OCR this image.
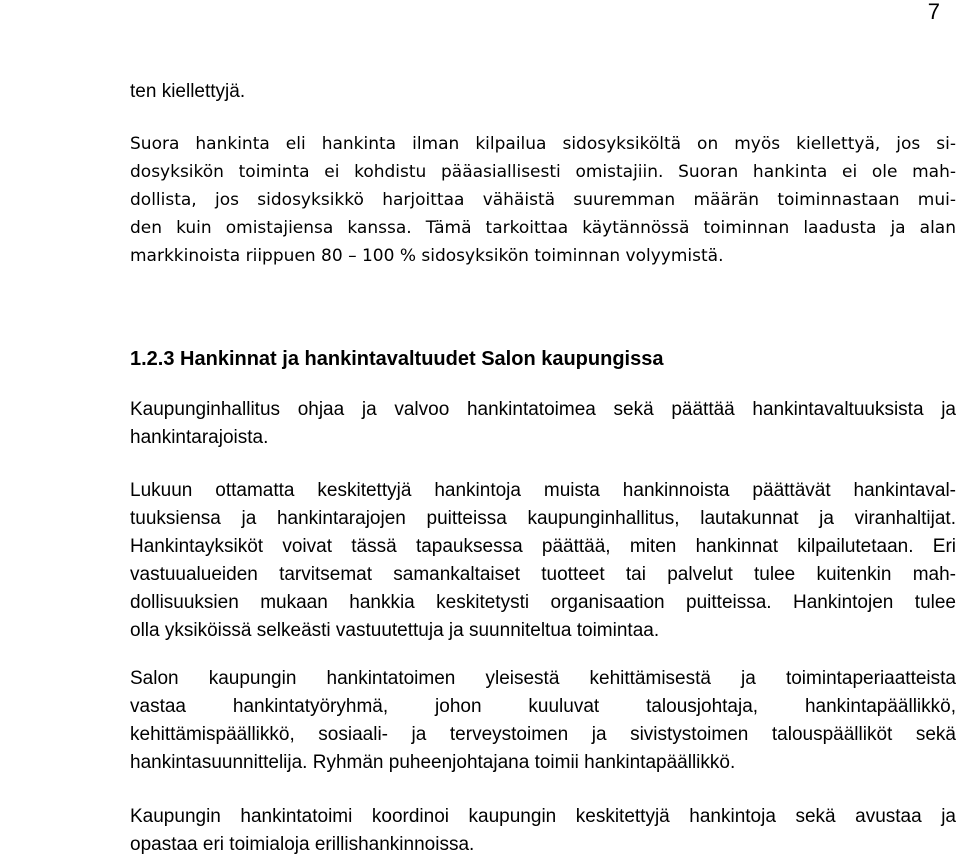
7

ten kiellettyjä.

Suora hankinta eli hankinta ilman kilpailua sidosyksiköltä on myös kiellettyä, jos si-
dosyksikön toiminta ei kohdistu pääasiallisesti omistajiin. Suoran hankinta ei ole mah-
dollista, jos sidosyksikkö harjoittaa vähäistä suuremman määrän toiminnastaan mui-
den kuin omistajiensa kanssa. Tämä tarkoittaa käytännössä toiminnan laadusta ja alan
markkinoista riippuen 80 – 100 % sidosyksikön toiminnan volyymistä.

1.2.3 Hankinnat ja hankintavaltuudet Salon kaupungissa

Kaupunginhallitus ohjaa ja valvoo hankintatoimea sekä päättää hankintavaltuuksista ja
hankintarajoista.

Lukuun ottamatta keskitettyjä hankintoja muista hankinnoista päättävät hankintaval-
tuuksiensa ja hankintarajojen puitteissa kaupunginhallitus, lautakunnat ja viranhaltijat.
Hankintayksiköt voivat tässä tapauksessa päättää, miten hankinnat kilpailutetaan. Eri
vastuualueiden tarvitsemat samankaltaiset tuotteet tai palvelut tulee kuitenkin mah-
dollisuuksien mukaan hankkia keskitetysti organisaation puitteissa. Hankintojen tulee
olla yksiköissä selkeästi vastuutettuja ja suunniteltua toimintaa.

Salon kaupungin hankintatoimen yleisestä kehittämisestä ja toimintaperiaatteista
vastaa hankintatyöryhmä, johon kuuluvat talousjohtaja, hankintapäällikkö,
kehittämispäällikkö, sosiaali- ja terveystoimen ja sivistystoimen talouspäälliköt sekä
hankintasuunnittelija. Ryhmän puheenjohtajana toimii hankintapäällikkö.

Kaupungin hankintatoimi koordinoi kaupungin keskitettyjä hankintoja sekä avustaa ja
opastaa eri toimialoja erillishankinnoissa.
